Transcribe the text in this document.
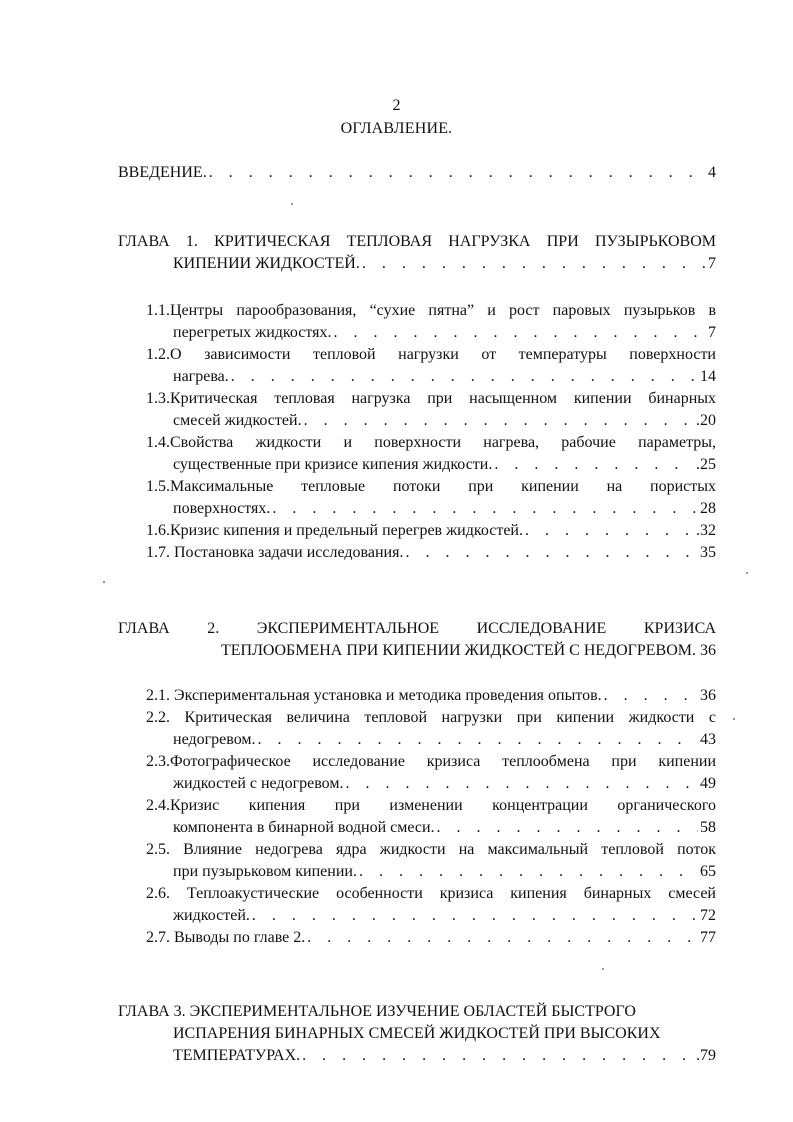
2
ОГЛАВЛЕНИЕ.
ВВЕДЕНИЕ. . . .	4
ГЛАВА 1. КРИТИЧЕСКАЯ ТЕПЛОВАЯ НАГРУЗКА ПРИ ПУЗЫРЬКОВОМ
КИПЕНИИ ЖИДКОСТЕЙ. . . .	7
1.1.Центры парообразования, “сухие пятна” и рост паровых пузырьков в
перегретых жидкостях. . . .	7
1.2.О зависимости тепловой нагрузки от температуры поверхности
нагрева. . . .	14
1.3.Критическая тепловая нагрузка при насыщенном кипении бинарных
смесей жидкостей. . . .	.20
1.4.Свойства жидкости и поверхности нагрева, рабочие параметры,
существенные при кризисе кипения жидкости. . . .	.25
1.5.Максимальные тепловые потоки при кипении на пористых
поверхностях. . . .	28
1.6.Кризис кипения и предельный перегрев жидкостей. . . .	.32
1.7. Постановка задачи исследования. . . .	35
ГЛАВА 2. ЭКСПЕРИМЕНТАЛЬНОЕ ИССЛЕДОВАНИЕ КРИЗИСА
ТЕПЛООБМЕНА ПРИ КИПЕНИИ ЖИДКОСТЕЙ С НЕДОГРЕВОМ. 36
2.1. Экспериментальная установка и методика проведения опытов. . . .	36
2.2. Критическая величина тепловой нагрузки при кипении жидкости с
недогревом. . . .	43
2.3.Фотографическое исследование кризиса теплообмена при кипении
жидкостей с недогревом. . . .	49
2.4.Кризис кипения при изменении концентрации органического
компонента в бинарной водной смеси. . . .	58
2.5. Влияние недогрева ядра жидкости на максимальный тепловой поток
при пузырьковом кипении. . . .	65
2.6. Теплоакустические особенности кризиса кипения бинарных смесей
жидкостей. . . .	72
2.7. Выводы по главе 2. . . .	77
ГЛАВА 3. ЭКСПЕРИМЕНТАЛЬНОЕ ИЗУЧЕНИЕ ОБЛАСТЕЙ БЫСТРОГО
ИСПАРЕНИЯ БИНАРНЫХ СМЕСЕЙ ЖИДКОСТЕЙ ПРИ ВЫСОКИХ
ТЕМПЕРАТУРАХ. . . .	.79
